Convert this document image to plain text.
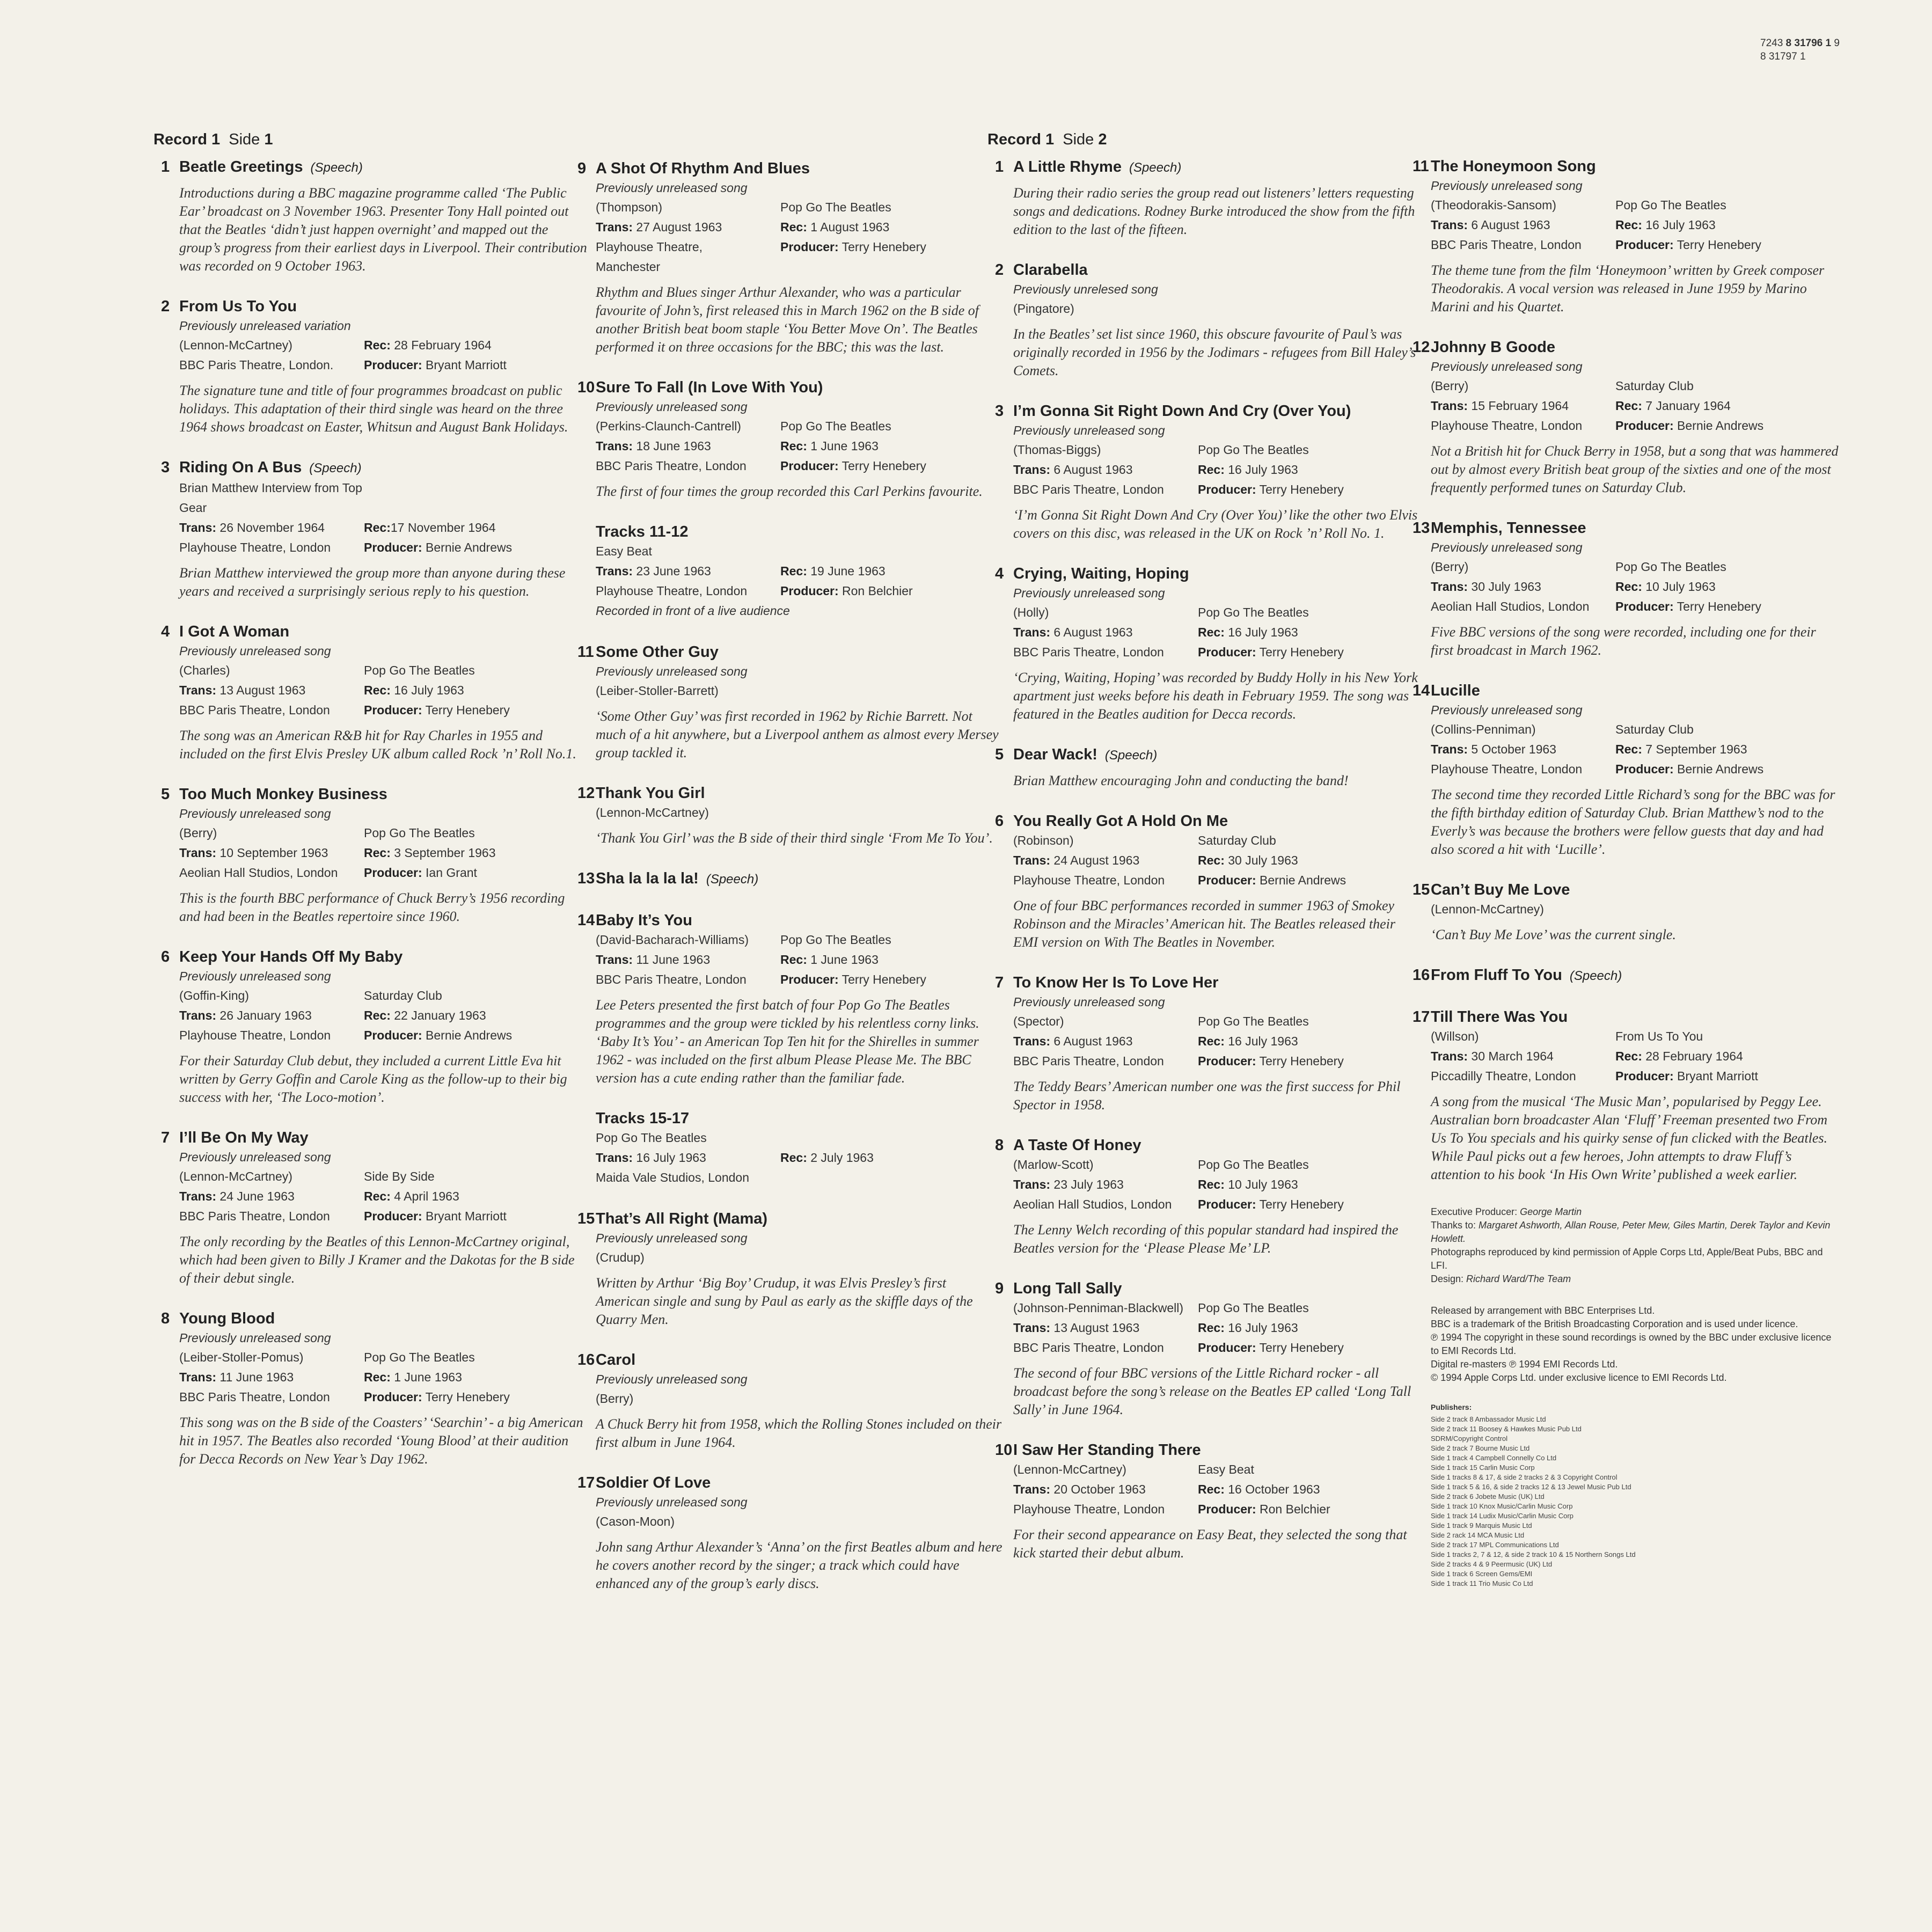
7243 8 31796 1 9
8 31797 1
Record 1 Side 1
1 Beatle Greetings (Speech)
Introductions during a BBC magazine programme called ‘The Public Ear’ broadcast on 3 November 1963. Presenter Tony Hall pointed out that the Beatles ‘didn’t just happen overnight’ and mapped out the group’s progress from their earliest days in Liverpool. Their contribution was recorded on 9 October 1963.
2 From Us To You
Previously unreleased variation
(Lennon-McCartney)	Rec: 28 February 1964
BBC Paris Theatre, London.	Producer: Bryant Marriott
The signature tune and title of four programmes broadcast on public holidays. This adaptation of their third single was heard on the three 1964 shows broadcast on Easter, Whitsun and August Bank Holidays.
3 Riding On A Bus (Speech)
Brian Matthew Interview from Top Gear
Trans: 26 November 1964	Rec:17 November 1964
Playhouse Theatre, London	Producer: Bernie Andrews
Brian Matthew interviewed the group more than anyone during these years and received a surprisingly serious reply to his question.
4 I Got A Woman
Previously unreleased song
(Charles)	Pop Go The Beatles
Trans: 13 August 1963	Rec: 16 July 1963
BBC Paris Theatre, London	Producer: Terry Henebery
The song was an American R&B hit for Ray Charles in 1955 and included on the first Elvis Presley UK album called Rock ’n’ Roll No.1.
5 Too Much Monkey Business
Previously unreleased song
(Berry)	Pop Go The Beatles
Trans: 10 September 1963	Rec: 3 September 1963
Aeolian Hall Studios, London	Producer: Ian Grant
This is the fourth BBC performance of Chuck Berry’s 1956 recording and had been in the Beatles repertoire since 1960.
6 Keep Your Hands Off My Baby
Previously unreleased song
(Goffin-King)	Saturday Club
Trans: 26 January 1963	Rec: 22 January 1963
Playhouse Theatre, London	Producer: Bernie Andrews
For their Saturday Club debut, they included a current Little Eva hit written by Gerry Goffin and Carole King as the follow-up to their big success with her, ‘The Loco-motion’.
7 I’ll Be On My Way
Previously unreleased song
(Lennon-McCartney)	Side By Side
Trans: 24 June 1963	Rec: 4 April 1963
BBC Paris Theatre, London	Producer: Bryant Marriott
The only recording by the Beatles of this Lennon-McCartney original, which had been given to Billy J Kramer and the Dakotas for the B side of their debut single.
8 Young Blood
Previously unreleased song
(Leiber-Stoller-Pomus)	Pop Go The Beatles
Trans: 11 June 1963	Rec: 1 June 1963
BBC Paris Theatre, London	Producer: Terry Henebery
This song was on the B side of the Coasters’ ‘Searchin’ - a big American hit in 1957. The Beatles also recorded ‘Young Blood’ at their audition for Decca Records on New Year’s Day 1962.
9 A Shot Of Rhythm And Blues
Previously unreleased song
(Thompson)	Pop Go The Beatles
Trans: 27 August 1963	Rec: 1 August 1963
Playhouse Theatre,	Producer: Terry Henebery
Manchester
Rhythm and Blues singer Arthur Alexander, who was a particular favourite of John’s, first released this in March 1962 on the B side of another British beat boom staple ‘You Better Move On’. The Beatles performed it on three occasions for the BBC; this was the last.
10Sure To Fall (In Love With You)
Previously unreleased song
(Perkins-Claunch-Cantrell)	Pop Go The Beatles
Trans: 18 June 1963	Rec: 1 June 1963
BBC Paris Theatre, London	Producer: Terry Henebery
The first of four times the group recorded this Carl Perkins favourite.
Tracks 11-12
Easy Beat
Trans: 23 June 1963	Rec: 19 June 1963
Playhouse Theatre, London	Producer: Ron Belchier
Recorded in front of a live audience
11 Some Other Guy
Previously unreleased song
(Leiber-Stoller-Barrett)
‘Some Other Guy’ was first recorded in 1962 by Richie Barrett. Not much of a hit anywhere, but a Liverpool anthem as almost every Mersey group tackled it.
12Thank You Girl
(Lennon-McCartney)
‘Thank You Girl’ was the B side of their third single ‘From Me To You’.
13Sha la la la la! (Speech)
14Baby It’s You
(David-Bacharach-Williams)	Pop Go The Beatles
Trans: 11 June 1963	Rec: 1 June 1963
BBC Paris Theatre, London	Producer: Terry Henebery
Lee Peters presented the first batch of four Pop Go The Beatles programmes and the group were tickled by his relentless corny links. ‘Baby It’s You’ - an American Top Ten hit for the Shirelles in summer 1962 - was included on the first album Please Please Me. The BBC version has a cute ending rather than the familiar fade.
Tracks 15-17
Pop Go The Beatles
Trans: 16 July 1963	Rec: 2 July 1963
Maida Vale Studios, London
15That’s All Right (Mama)
Previously unreleased song
(Crudup)
Written by Arthur ‘Big Boy’ Crudup, it was Elvis Presley’s first American single and sung by Paul as early as the skiffle days of the Quarry Men.
16Carol
Previously unreleased song
(Berry)
A Chuck Berry hit from 1958, which the Rolling Stones included on their first album in June 1964.
17Soldier Of Love
Previously unreleased song
(Cason-Moon)
John sang Arthur Alexander’s ‘Anna’ on the first Beatles album and here he covers another record by the singer; a track which could have enhanced any of the group’s early discs.
Record 1 Side 2
1 A Little Rhyme (Speech)
During their radio series the group read out listeners’ letters requesting songs and dedications. Rodney Burke introduced the show from the fifth edition to the last of the fifteen.
2 Clarabella
Previously unrelesed song
(Pingatore)
In the Beatles’ set list since 1960, this obscure favourite of Paul’s was originally recorded in 1956 by the Jodimars - refugees from Bill Haley’s Comets.
3 I’m Gonna Sit Right Down And Cry (Over You)
Previously unreleased song
(Thomas-Biggs)	Pop Go The Beatles
Trans: 6 August 1963	Rec: 16 July 1963
BBC Paris Theatre, London	Producer: Terry Henebery
‘I’m Gonna Sit Right Down And Cry (Over You)’ like the other two Elvis covers on this disc, was released in the UK on Rock ’n’ Roll No. 1.
4 Crying, Waiting, Hoping
Previously unreleased song
(Holly)	Pop Go The Beatles
Trans: 6 August 1963	Rec: 16 July 1963
BBC Paris Theatre, London	Producer: Terry Henebery
‘Crying, Waiting, Hoping’ was recorded by Buddy Holly in his New York apartment just weeks before his death in February 1959. The song was featured in the Beatles audition for Decca records.
5 Dear Wack! (Speech)
Brian Matthew encouraging John and conducting the band!
6 You Really Got A Hold On Me
(Robinson)	Saturday Club
Trans: 24 August 1963	Rec: 30 July 1963
Playhouse Theatre, London	Producer: Bernie Andrews
One of four BBC performances recorded in summer 1963 of Smokey Robinson and the Miracles’ American hit. The Beatles released their EMI version on With The Beatles in November.
7 To Know Her Is To Love Her
Previously unreleased song
(Spector)	Pop Go The Beatles
Trans: 6 August 1963	Rec: 16 July 1963
BBC Paris Theatre, London	Producer: Terry Henebery
The Teddy Bears’ American number one was the first success for Phil Spector in 1958.
8 A Taste Of Honey
(Marlow-Scott)	Pop Go The Beatles
Trans: 23 July 1963	Rec: 10 July 1963
Aeolian Hall Studios, London	Producer: Terry Henebery
The Lenny Welch recording of this popular standard had inspired the Beatles version for the ‘Please Please Me’ LP.
9 Long Tall Sally
(Johnson-Penniman-Blackwell)	Pop Go The Beatles
Trans: 13 August 1963	Rec: 16 July 1963
BBC Paris Theatre, London	Producer: Terry Henebery
The second of four BBC versions of the Little Richard rocker - all broadcast before the song’s release on the Beatles EP called ‘Long Tall Sally’ in June 1964.
10I Saw Her Standing There
(Lennon-McCartney)	Easy Beat
Trans: 20 October 1963	Rec: 16 October 1963
Playhouse Theatre, London	Producer: Ron Belchier
For their second appearance on Easy Beat, they selected the song that kick started their debut album.
11 The Honeymoon Song
Previously unreleased song
(Theodorakis-Sansom)	Pop Go The Beatles
Trans: 6 August 1963	Rec: 16 July 1963
BBC Paris Theatre, London	Producer: Terry Henebery
The theme tune from the film ‘Honeymoon’ written by Greek composer Theodorakis. A vocal version was released in June 1959 by Marino Marini and his Quartet.
12Johnny B Goode
Previously unreleased song
(Berry)	Saturday Club
Trans: 15 February 1964	Rec: 7 January 1964
Playhouse Theatre, London	Producer: Bernie Andrews
Not a British hit for Chuck Berry in 1958, but a song that was hammered out by almost every British beat group of the sixties and one of the most frequently performed tunes on Saturday Club.
13Memphis, Tennessee
Previously unreleased song
(Berry)	Pop Go The Beatles
Trans: 30 July 1963	Rec: 10 July 1963
Aeolian Hall Studios, London	Producer: Terry Henebery
Five BBC versions of the song were recorded, including one for their first broadcast in March 1962.
14Lucille
Previously unreleased song
(Collins-Penniman)	Saturday Club
Trans: 5 October 1963	Rec: 7 September 1963
Playhouse Theatre, London	Producer: Bernie Andrews
The second time they recorded Little Richard’s song for the BBC was for the fifth birthday edition of Saturday Club. Brian Matthew’s nod to the Everly’s was because the brothers were fellow guests that day and had also scored a hit with ‘Lucille’.
15Can’t Buy Me Love
(Lennon-McCartney)
‘Can’t Buy Me Love’ was the current single.
16From Fluff To You (Speech)
17Till There Was You
(Willson)	From Us To You
Trans: 30 March 1964	Rec: 28 February 1964
Piccadilly Theatre, London	Producer: Bryant Marriott
A song from the musical ‘The Music Man’, popularised by Peggy Lee. Australian born broadcaster Alan ‘Fluff’ Freeman presented two From Us To You specials and his quirky sense of fun clicked with the Beatles. While Paul picks out a few heroes, John attempts to draw Fluff’s attention to his book ‘In His Own Write’ published a week earlier.
Executive Producer: George Martin
Thanks to: Margaret Ashworth, Allan Rouse, Peter Mew, Giles Martin, Derek Taylor and Kevin Howlett.
Photographs reproduced by kind permission of Apple Corps Ltd, Apple/Beat Pubs, BBC and LFI.
Design: Richard Ward/The Team
Released by arrangement with BBC Enterprises Ltd.
BBC is a trademark of the British Broadcasting Corporation and is used under licence.
℗ 1994 The copyright in these sound recordings is owned by the BBC under exclusive licence to EMI Records Ltd.
Digital re-masters ℗ 1994 EMI Records Ltd.
© 1994 Apple Corps Ltd. under exclusive licence to EMI Records Ltd.
Publishers:
Side 2 track 8 Ambassador Music Ltd
Side 2 track 11 Boosey & Hawkes Music Pub Ltd
SDRM/Copyright Control
Side 2 track 7 Bourne Music Ltd
Side 1 track 4 Campbell Connelly Co Ltd
Side 1 track 15 Carlin Music Corp
Side 1 tracks 8 & 17, & side 2 tracks 2 & 3 Copyright Control
Side 1 track 5 & 16, & side 2 tracks 12 & 13 Jewel Music Pub Ltd
Side 2 track 6 Jobete Music (UK) Ltd
Side 1 track 10 Knox Music/Carlin Music Corp
Side 1 track 14 Ludix Music/Carlin Music Corp
Side 1 track 9 Marquis Music Ltd
Side 2 rack 14 MCA Music Ltd
Side 2 track 17 MPL Communications Ltd
Side 1 tracks 2, 7 & 12, & side 2 track 10 & 15 Northern Songs Ltd
Side 2 tracks 4 & 9 Peermusic (UK) Ltd
Side 1 track 6 Screen Gems/EMI
Side 1 track 11 Trio Music Co Ltd
